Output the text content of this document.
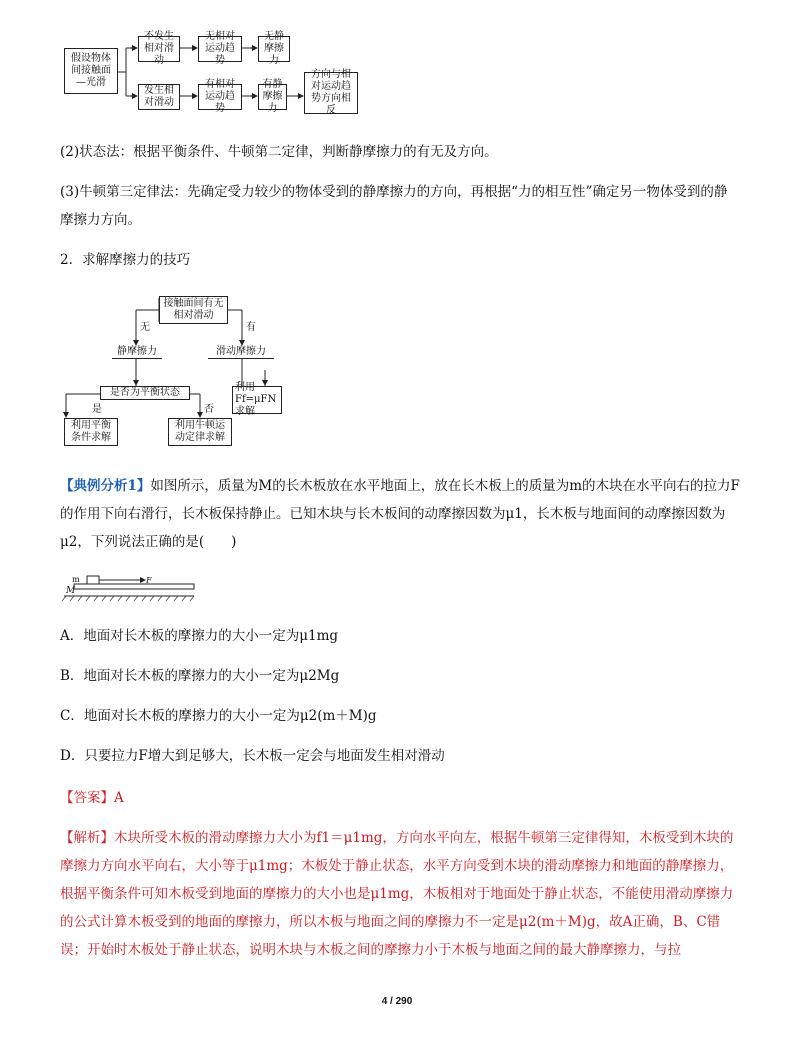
假设物体间接触面—光滑
不发生相对滑动
无相对运动趋势
无静摩擦力
发生相对滑动
有相对运动趋势
有静摩擦力
方向与相对运动趋势方向相反

(2)状态法：根据平衡条件、牛顿第二定律，判断静摩擦力的有无及方向。

(3)牛顿第三定律法：先确定受力较少的物体受到的静摩擦力的方向，再根据“力的相互性”确定另一物体受到的静摩擦力方向。

2．求解摩擦力的技巧

接触面间有无相对滑动
无	有
静摩擦力	滑动摩擦力
是否为平衡状态
是	否
利用Ff=μFN求解
利用平衡条件求解
利用牛顿运动定律求解

【典例分析1】如图所示，质量为M的长木板放在水平地面上，放在长木板上的质量为m的木块在水平向右的拉力F的作用下向右滑行，长木板保持静止。已知木块与长木板间的动摩擦因数为μ1，长木板与地面间的动摩擦因数为μ2，下列说法正确的是(　　)

m
M
F

A．地面对长木板的摩擦力的大小一定为μ1mg

B．地面对长木板的摩擦力的大小一定为μ2Mg

C．地面对长木板的摩擦力的大小一定为μ2(m＋M)g

D．只要拉力F增大到足够大，长木板一定会与地面发生相对滑动

【答案】A

【解析】木块所受木板的滑动摩擦力大小为f1＝μ1mg，方向水平向左，根据牛顿第三定律得知，木板受到木块的摩擦力方向水平向右，大小等于μ1mg；木板处于静止状态，水平方向受到木块的滑动摩擦力和地面的静摩擦力，根据平衡条件可知木板受到地面的摩擦力的大小也是μ1mg，木板相对于地面处于静止状态，不能使用滑动摩擦力的公式计算木板受到的地面的摩擦力，所以木板与地面之间的摩擦力不一定是μ2(m＋M)g，故A正确，B、C错误；开始时木板处于静止状态，说明木块与木板之间的摩擦力小于木板与地面之间的最大静摩擦力，与拉

4 / 290
